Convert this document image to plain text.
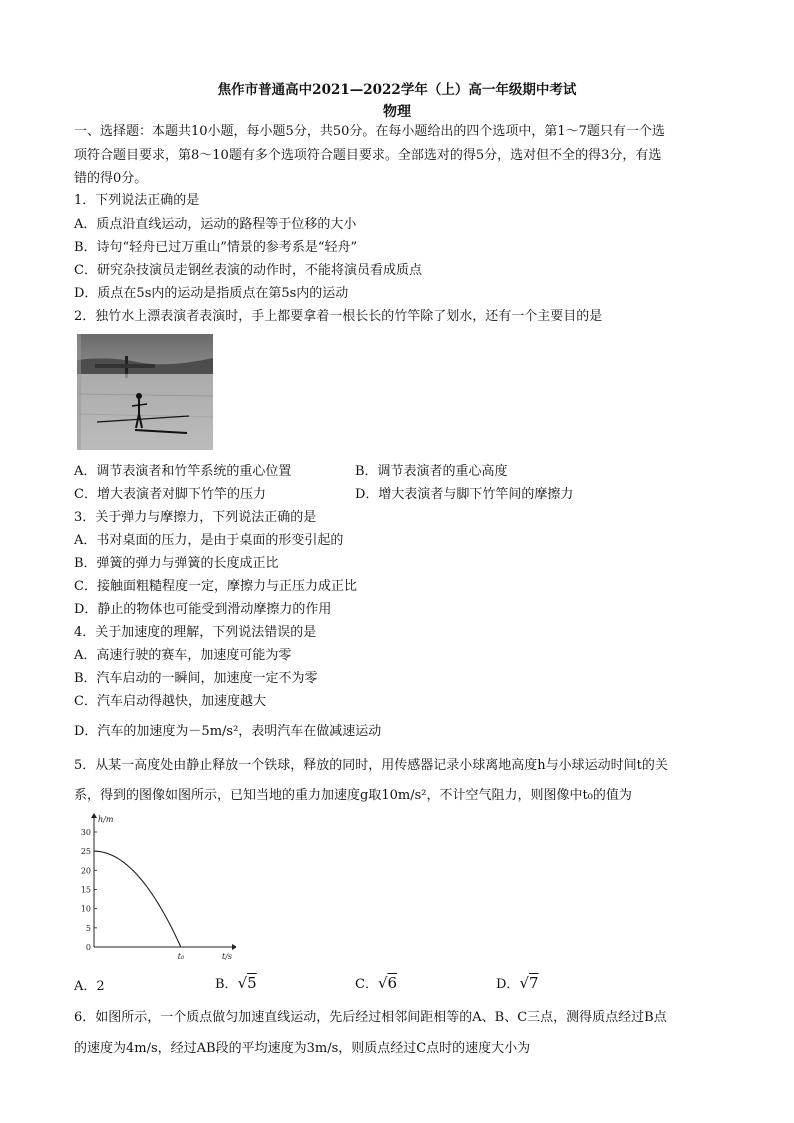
焦作市普通高中2021—2022学年（上）高一年级期中考试
物理
一、选择题：本题共10小题，每小题5分，共50分。在每小题给出的四个选项中，第1～7题只有一个选
项符合题目要求，第8～10题有多个选项符合题目要求。全部选对的得5分，选对但不全的得3分，有选
错的得0分。
1．下列说法正确的是
A．质点沿直线运动，运动的路程等于位移的大小
B．诗句“轻舟已过万重山”情景的参考系是“轻舟”
C．研究杂技演员走钢丝表演的动作时，不能将演员看成质点
D．质点在5s内的运动是指质点在第5s内的运动
2．独竹水上漂表演者表演时，手上都要拿着一根长长的竹竿除了划水，还有一个主要目的是
A．调节表演者和竹竿系统的重心位置	B．调节表演者的重心高度
C．增大表演者对脚下竹竿的压力	D．增大表演者与脚下竹竿间的摩擦力
3．关于弹力与摩擦力，下列说法正确的是
A．书对桌面的压力，是由于桌面的形变引起的
B．弹簧的弹力与弹簧的长度成正比
C．接触面粗糙程度一定，摩擦力与正压力成正比
D．静止的物体也可能受到滑动摩擦力的作用
4．关于加速度的理解，下列说法错误的是
A．高速行驶的赛车，加速度可能为零
B．汽车启动的一瞬间，加速度一定不为零
C．汽车启动得越快，加速度越大
D．汽车的加速度为－5m/s²，表明汽车在做减速运动
5．从某一高度处由静止释放一个铁球，释放的同时，用传感器记录小球离地高度h与小球运动时间t的关
系，得到的图像如图所示，已知当地的重力加速度g取10m/s²，不计空气阻力，则图像中t₀的值为
h/m
t/s
0
5
10
15
20
25
30
t₀
A．2	B．√5	C．√6	D．√7
6．如图所示，一个质点做匀加速直线运动，先后经过相邻间距相等的A、B、C三点，测得质点经过B点
的速度为4m/s，经过AB段的平均速度为3m/s，则质点经过C点时的速度大小为
